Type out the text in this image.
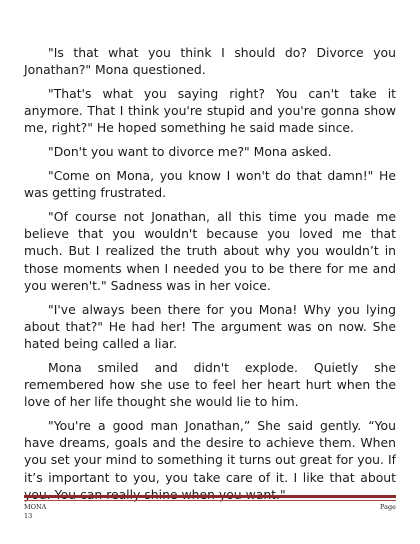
"Is that what you think I should do? Divorce you Jonathan?" Mona questioned.

"That's what you saying right? You can't take it anymore. That I think you're stupid and you're gonna show me, right?" He hoped something he said made since.

"Don't you want to divorce me?" Mona asked.

"Come on Mona, you know I won't do that damn!" He was getting frustrated.

"Of course not Jonathan, all this time you made me believe that you wouldn't because you loved me that much. But I realized the truth about why you wouldn’t in those moments when I needed you to be there for me and you weren't." Sadness was in her voice.

"I've always been there for you Mona! Why you lying about that?" He had her! The argument was on now. She hated being called a liar.

Mona smiled and didn't explode. Quietly she remembered how she use to feel her heart hurt when the love of her life thought she would lie to him.

"You're a good man Jonathan,” She said gently. “You have dreams, goals and the desire to achieve them. When you set your mind to something it turns out great for you. If it’s important to you, you take care of it. I like that about

MONA
13
Page
